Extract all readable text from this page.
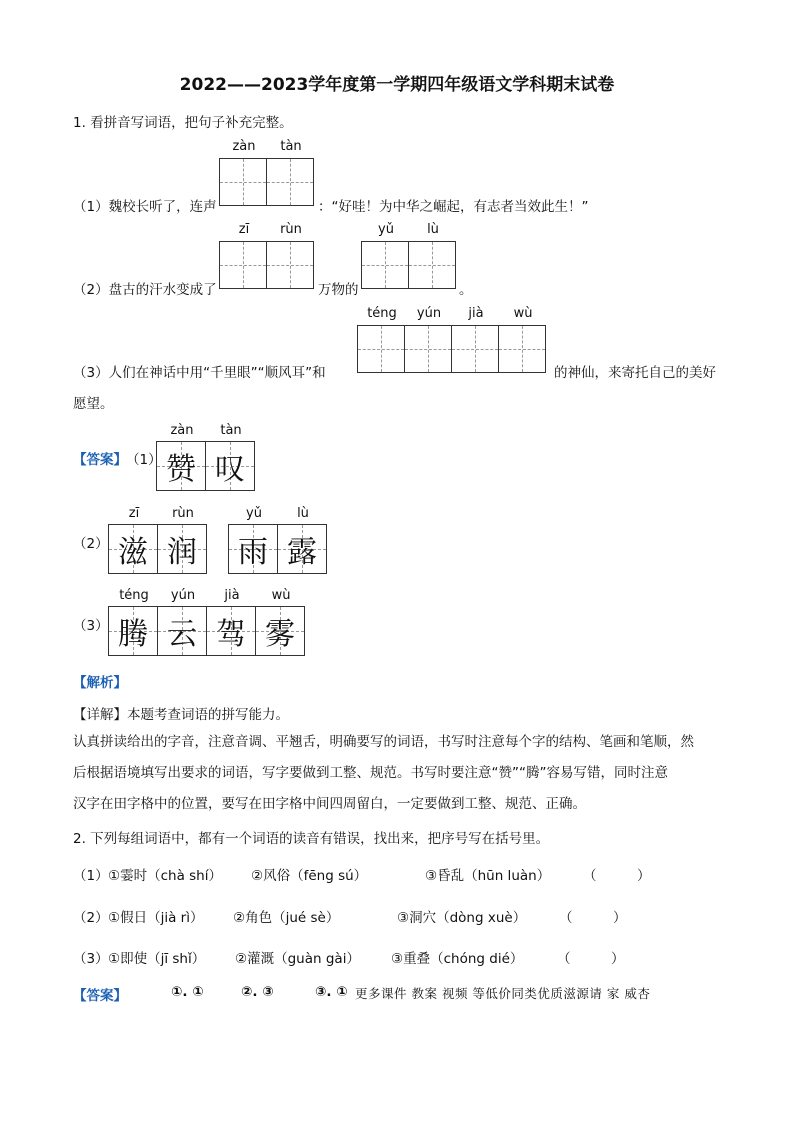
2022——2023学年度第一学期四年级语文学科期末试卷
1. 看拼音写词语，把句子补充完整。
zàn	tàn
（1）魏校长听了，连声	：“好哇！为中华之崛起，有志者当效此生！”
zī	rùn	yǔ	lù
（2）盘古的汗水变成了	万物的	。
téng	yún	jià	wù
（3）人们在神话中用“千里眼”“顺风耳”和	的神仙，来寄托自己的美好
愿望。
【答案】 （1）
zàn
赞
tàn
叹
（2）
zī
滋
rùn
润
yǔ
雨
lù
露
（3）
téng
腾
yún
云
jià
驾
wù
雾
【解析】
【详解】本题考查词语的拼写能力。
认真拼读给出的字音，注意音调、平翘舌，明确要写的词语，书写时注意每个字的结构、笔画和笔顺，然
后根据语境填写出要求的词语，写字要做到工整、规范。书写时要注意“赞”“腾”容易写错，同时注意
汉字在田字格中的位置，要写在田字格中间四周留白，一定要做到工整、规范、正确。
2. 下列每组词语中，都有一个词语的读音有错误，找出来，把序号写在括号里。
（1） ①霎时（chà shí） ②风俗（fēng sú）	③昏乱（hūn luàn） （　　　）
（2） ①假日（jià rì） ②角色（jué sè）	③洞穴（dòng xuè） （　　　）
（3） ①即使（jī shǐ） ②灌溉（guàn gài） ③重叠（chóng dié） （　　　）
【答案】	①. ①	②. ③	③. ① 更多课件 教案 视频 等低价同类优质滋源请 家 威杏
